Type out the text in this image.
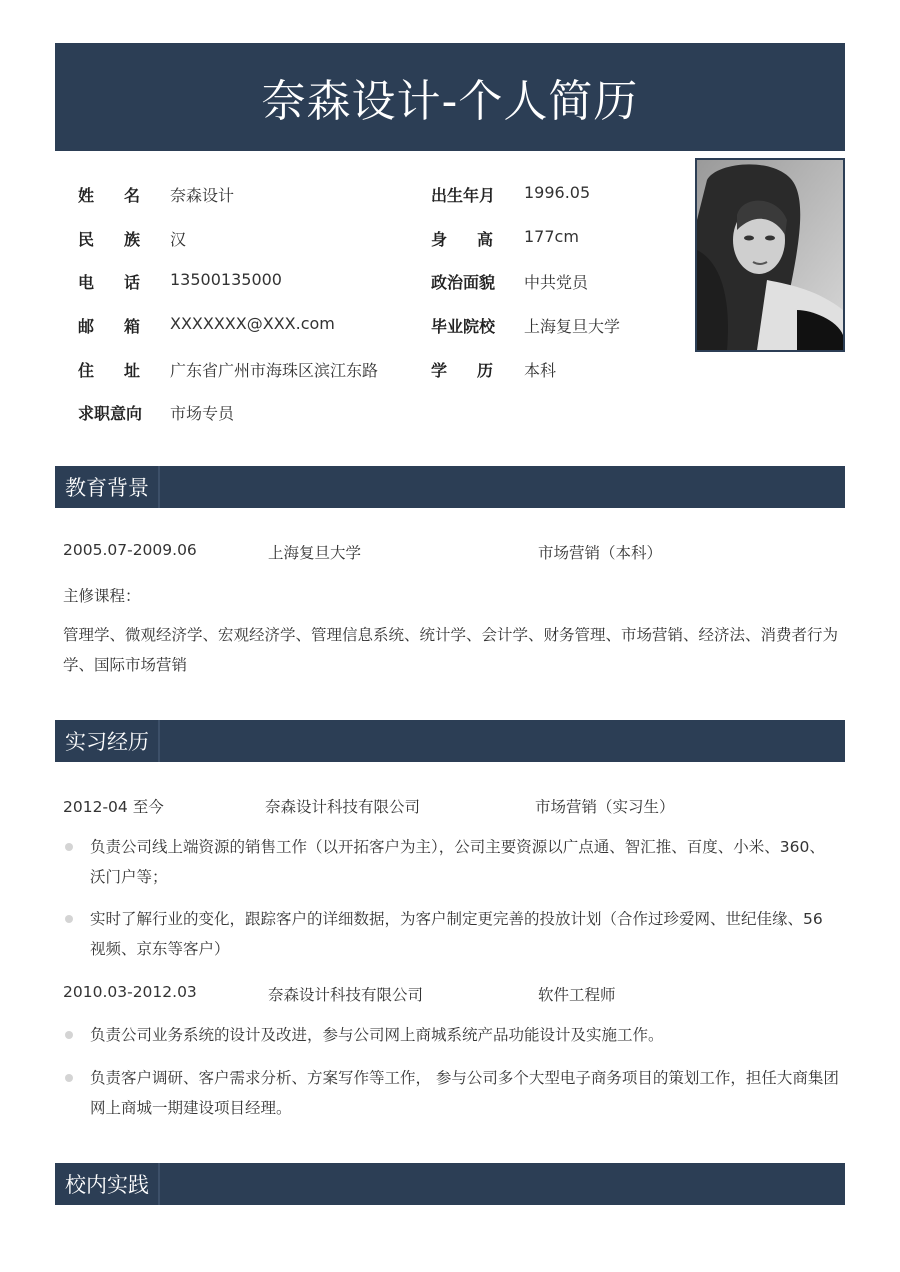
奈森设计-个人简历
姓 名 奈森设计	出生年月 1996.05
民 族 汉	身 高 177cm
电 话 13500135000	政治面貌 中共党员
邮 箱 XXXXXXX@XXX.com	毕业院校 上海复旦大学
住 址 广东省广州市海珠区滨江东路	学 历 本科
求职意向 市场专员
教育背景
2005.07-2009.06	上海复旦大学	市场营销（本科）
主修课程：
管理学、微观经济学、宏观经济学、管理信息系统、统计学、会计学、财务管理、市场营销、经济法、消费者行为学、国际市场营销
实习经历
2012-04 至今	奈森设计科技有限公司	市场营销（实习生）
负责公司线上端资源的销售工作（以开拓客户为主），公司主要资源以广点通、智汇推、百度、小米、360、沃门户等；
实时了解行业的变化，跟踪客户的详细数据，为客户制定更完善的投放计划（合作过珍爱网、世纪佳缘、56 视频、京东等客户）
2010.03-2012.03	奈森设计科技有限公司	软件工程师
负责公司业务系统的设计及改进，参与公司网上商城系统产品功能设计及实施工作。
负责客户调研、客户需求分析、方案写作等工作， 参与公司多个大型电子商务项目的策划工作，担任大商集团网上商城一期建设项目经理。
校内实践
